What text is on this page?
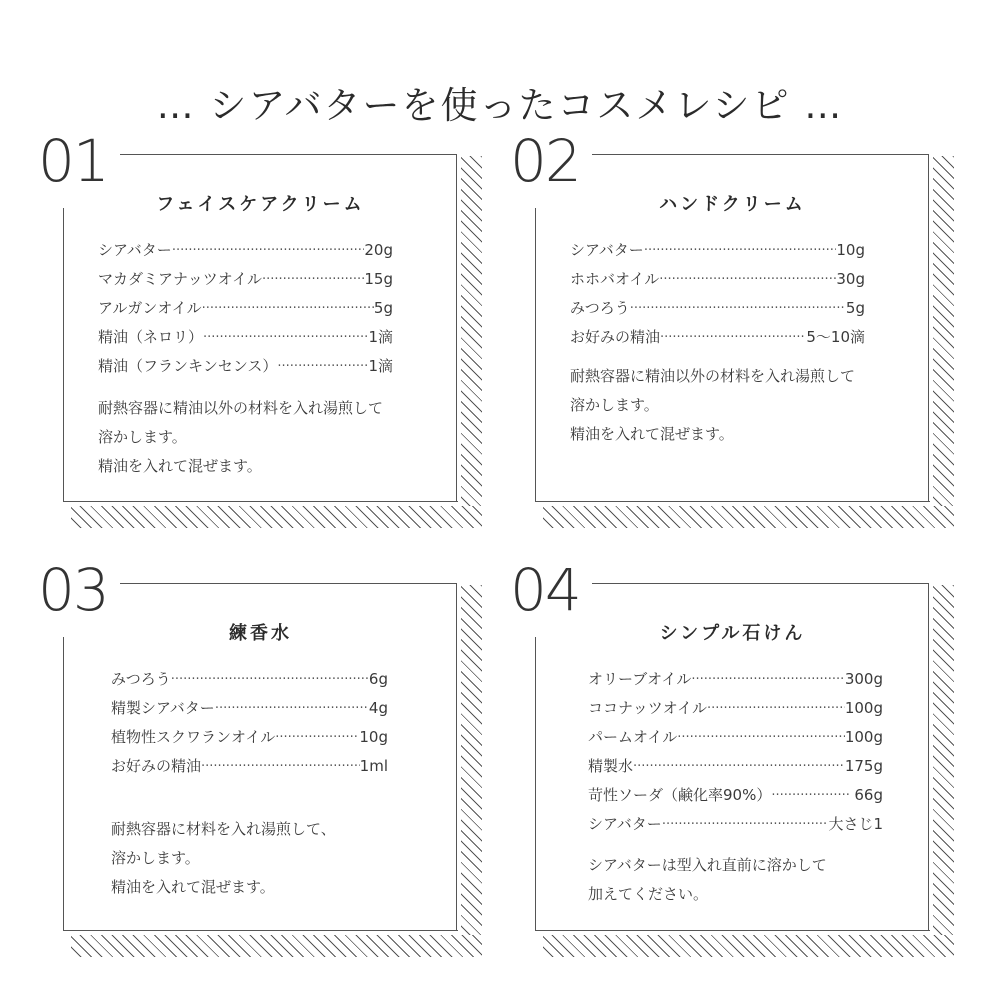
… シアバターを使ったコスメレシピ …
01
フェイスケアクリーム
シアバター ·····	20g
マカダミアナッツオイル ·····	15g
アルガンオイル ·····	5g
精油（ネロリ） ·····	1滴
精油（フランキンセンス） ·····	1滴

耐熱容器に精油以外の材料を入れ湯煎して

溶かします。

精油を入れて混ぜます。

02
ハンドクリーム
シアバター ·····	10g
ホホバオイル ·····	30g
みつろう ·····	5g
お好みの精油 ·····	5〜10滴

耐熱容器に精油以外の材料を入れ湯煎して

溶かします。

精油を入れて混ぜます。

03
練香水
みつろう ·····	6g
精製シアバター ·····	4g
植物性スクワランオイル ·····	10g
お好みの精油 ·····	1ml

耐熱容器に材料を入れ湯煎して、

溶かします。

精油を入れて混ぜます。

04
シンプル石けん
オリーブオイル ·····	300g
ココナッツオイル ·····	100g
パームオイル ·····	100g
精製水 ·····	175g
苛性ソーダ（鹸化率90%） ·····	66g
シアバター ·····	大さじ1

シアバターは型入れ直前に溶かして

加えてください。
